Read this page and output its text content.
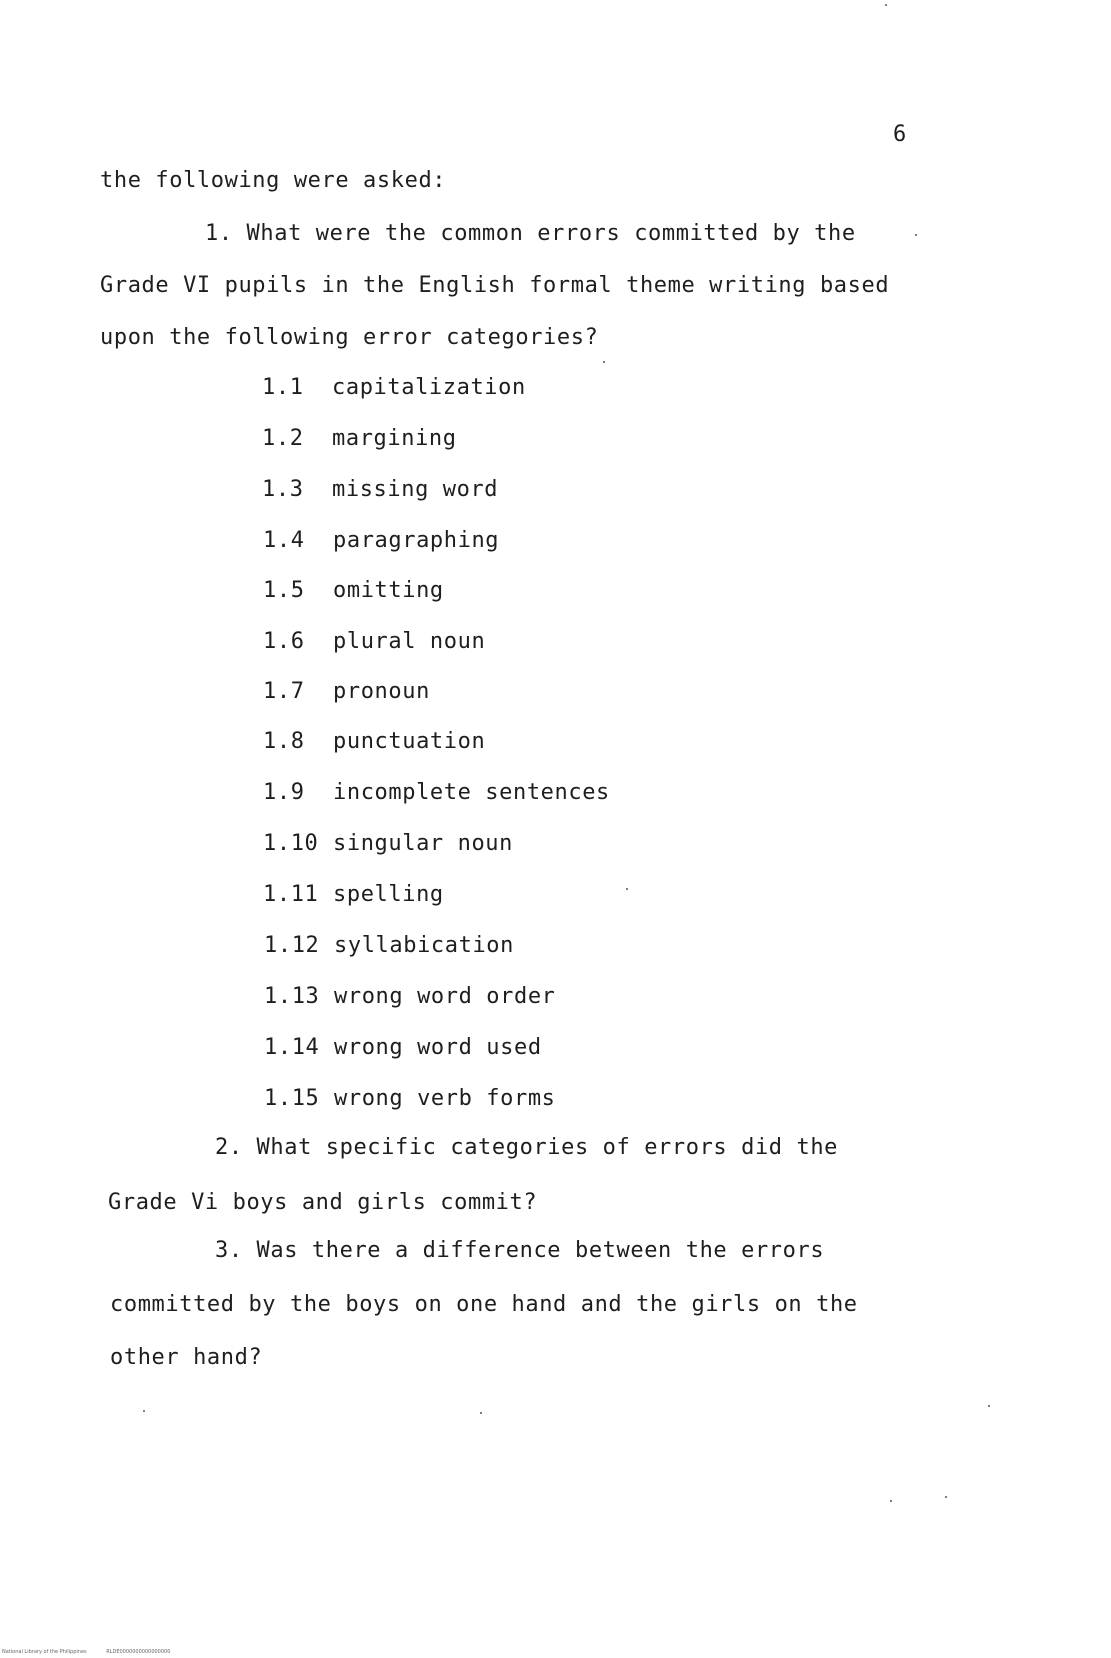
6
the following were asked:
1. What were the common errors committed by the
Grade VI pupils in the English formal theme writing based
upon the following error categories?
1.1 capitalization
1.2 margining
1.3 missing word
1.4 paragraphing
1.5 omitting
1.6 plural noun
1.7 pronoun
1.8 punctuation
1.9 incomplete sentences
1.10 singular noun
1.11 spelling
1.12 syllabication
1.13 wrong word order
1.14 wrong word used
1.15 wrong verb forms
2. What specific categories of errors did the
Grade Vi boys and girls commit?
3. Was there a difference between the errors
committed by the boys on one hand and the girls on the
other hand?
National Library of the Philippines	RLDE0000000000000000
